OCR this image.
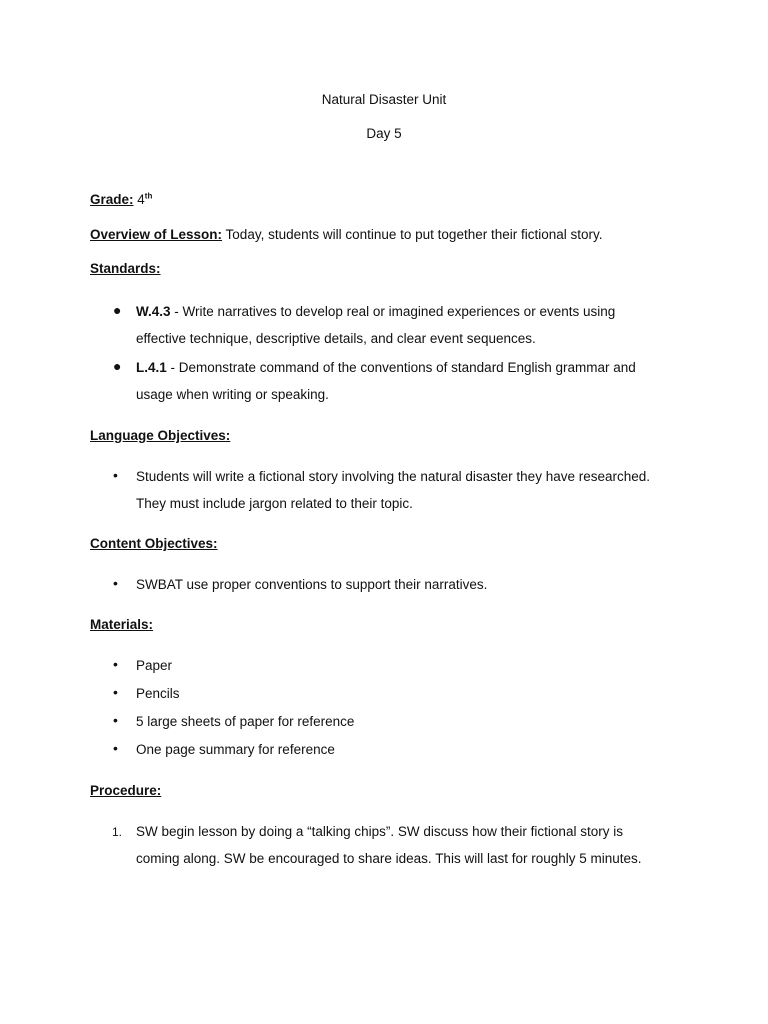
Natural Disaster Unit
Day 5
Grade: 4th
Overview of Lesson: Today, students will continue to put together their fictional story.
Standards:
● W.4.3 - Write narratives to develop real or imagined experiences or events using
effective technique, descriptive details, and clear event sequences.
● L.4.1 - Demonstrate command of the conventions of standard English grammar and
usage when writing or speaking.
Language Objectives:
• Students will write a fictional story involving the natural disaster they have researched.
They must include jargon related to their topic.
Content Objectives:
• SWBAT use proper conventions to support their narratives.
Materials:
• Paper
• Pencils
• 5 large sheets of paper for reference
• One page summary for reference
Procedure:
1. SW begin lesson by doing a “talking chips”. SW discuss how their fictional story is
coming along. SW be encouraged to share ideas. This will last for roughly 5 minutes.
